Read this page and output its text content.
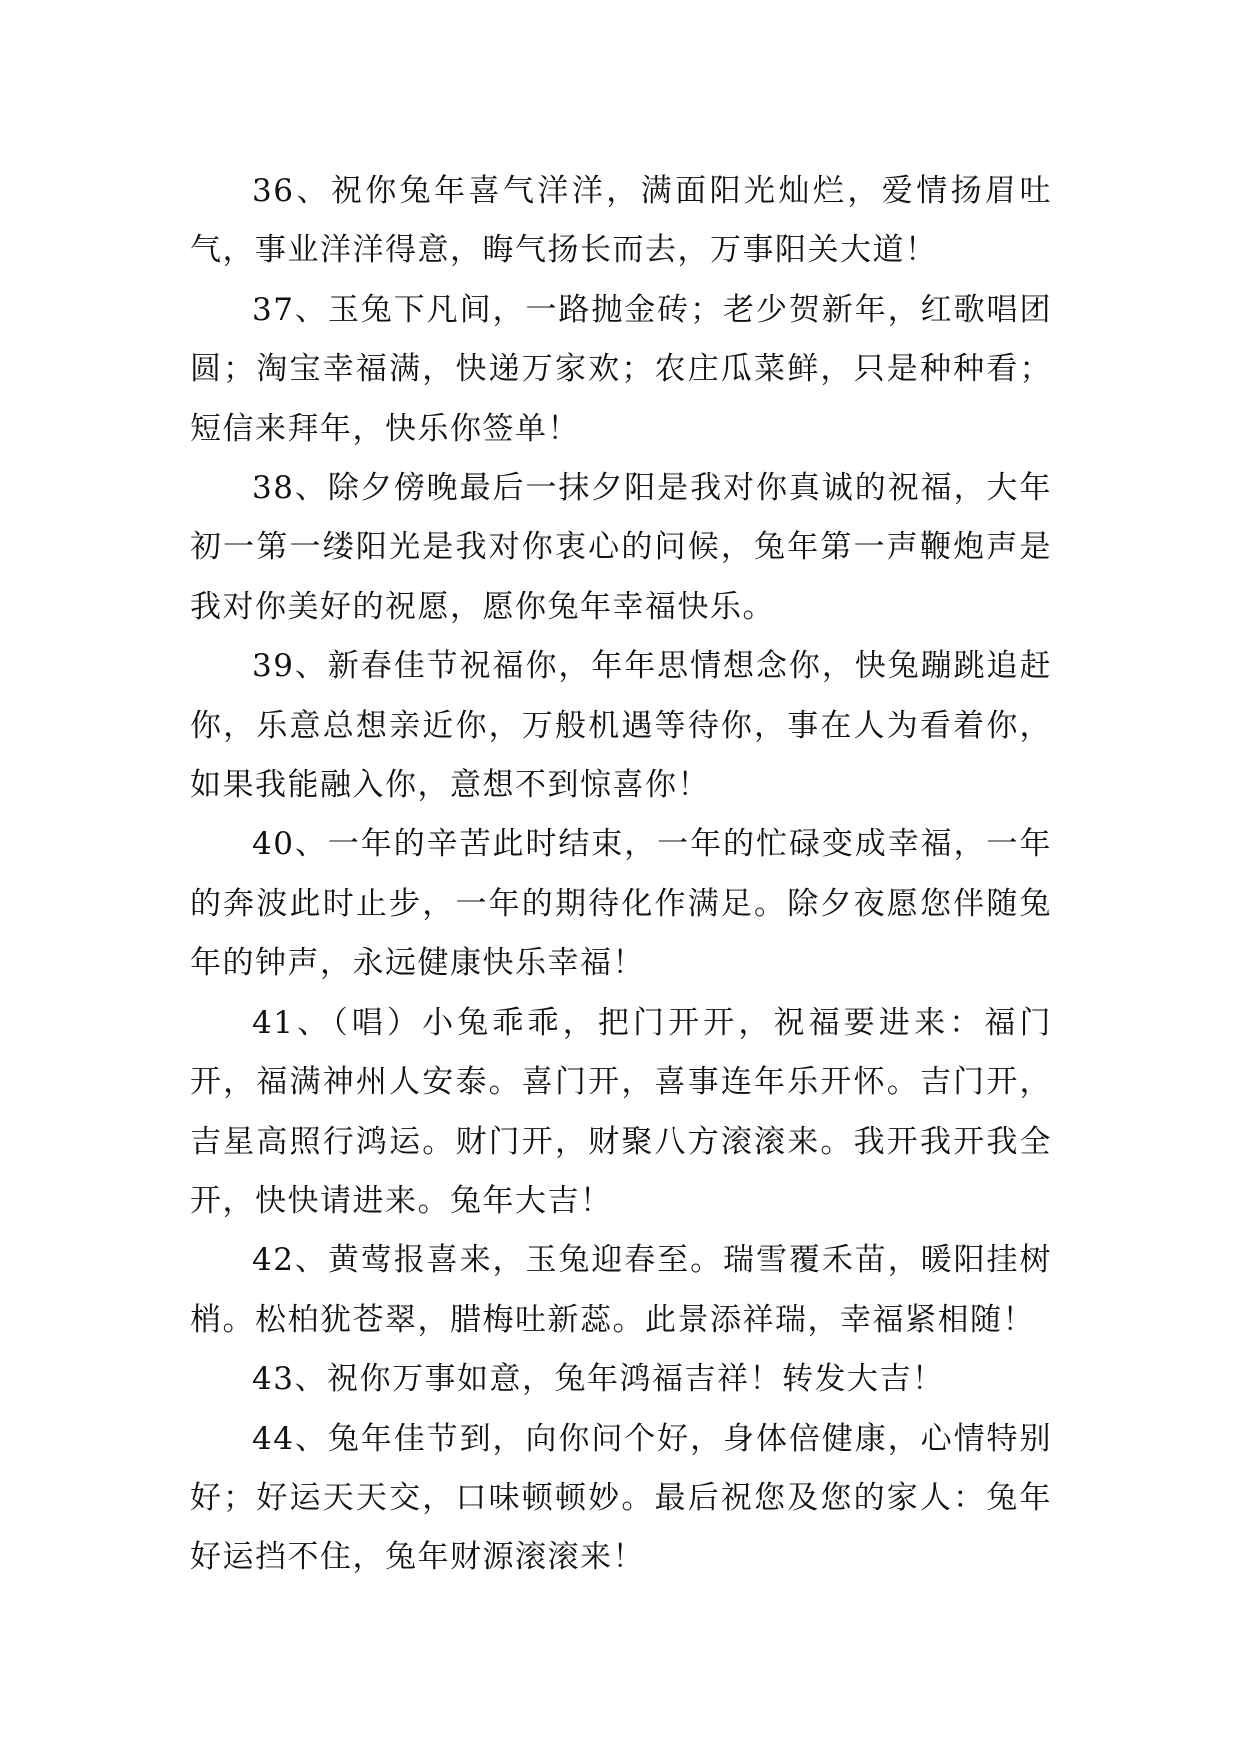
36、祝你兔年喜气洋洋，满面阳光灿烂，爱情扬眉吐气，事业洋洋得意，晦气扬长而去，万事阳关大道！

37、玉兔下凡间，一路抛金砖；老少贺新年，红歌唱团圆；淘宝幸福满，快递万家欢；农庄瓜菜鲜，只是种种看；短信来拜年，快乐你签单！

38、除夕傍晚最后一抹夕阳是我对你真诚的祝福，大年初一第一缕阳光是我对你衷心的问候，兔年第一声鞭炮声是我对你美好的祝愿，愿你兔年幸福快乐。

39、新春佳节祝福你，年年思情想念你，快兔蹦跳追赶你，乐意总想亲近你，万般机遇等待你，事在人为看着你，如果我能融入你，意想不到惊喜你！

40、一年的辛苦此时结束，一年的忙碌变成幸福，一年的奔波此时止步，一年的期待化作满足。除夕夜愿您伴随兔年的钟声，永远健康快乐幸福！

41、（唱）小兔乖乖，把门开开，祝福要进来：福门开，福满神州人安泰。喜门开，喜事连年乐开怀。吉门开，吉星高照行鸿运。财门开，财聚八方滚滚来。我开我开我全开，快快请进来。兔年大吉！

42、黄莺报喜来，玉兔迎春至。瑞雪覆禾苗，暖阳挂树梢。松柏犹苍翠，腊梅吐新蕊。此景添祥瑞，幸福紧相随！

43、祝你万事如意，兔年鸿福吉祥！转发大吉！

44、兔年佳节到，向你问个好，身体倍健康，心情特别好；好运天天交，口味顿顿妙。最后祝您及您的家人：兔年好运挡不住，兔年财源滚滚来！
